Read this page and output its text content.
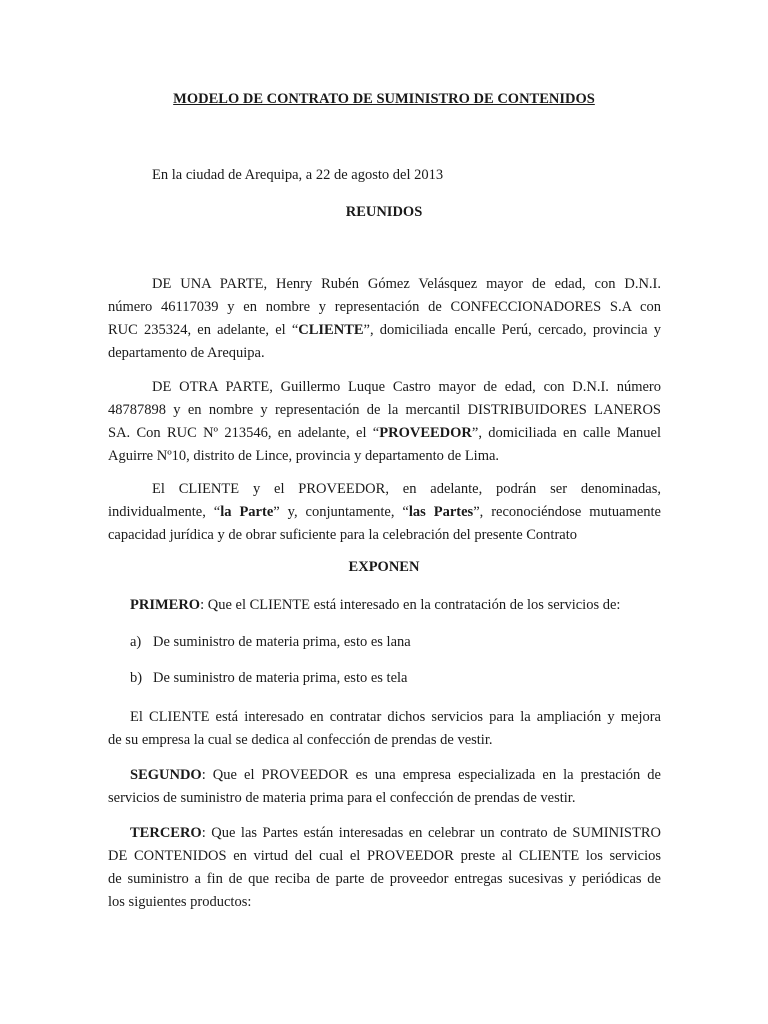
MODELO DE CONTRATO DE SUMINISTRO DE CONTENIDOS
En la ciudad de Arequipa, a 22 de agosto del 2013
REUNIDOS
DE UNA PARTE, Henry Rubén Gómez Velásquez mayor de edad, con D.N.I.
número 46117039 y en nombre y representación de CONFECCIONADORES S.A con
RUC 235324, en adelante, el “CLIENTE”, domiciliada encalle Perú, cercado, provincia y
departamento de Arequipa.
DE OTRA PARTE, Guillermo Luque Castro mayor de edad, con D.N.I. número
48787898 y en nombre y representación de la mercantil DISTRIBUIDORES LANEROS
SA. Con RUC Nº 213546, en adelante, el “PROVEEDOR”, domiciliada en calle Manuel
Aguirre Nº10, distrito de Lince, provincia y departamento de Lima.
El CLIENTE y el PROVEEDOR, en adelante, podrán ser denominadas,
individualmente, “la Parte” y, conjuntamente, “las Partes”, reconociéndose mutuamente
capacidad jurídica y de obrar suficiente para la celebración del presente Contrato
EXPONEN
PRIMERO: Que el CLIENTE está interesado en la contratación de los servicios de:
a) De suministro de materia prima, esto es lana
b) De suministro de materia prima, esto es tela
El CLIENTE está interesado en contratar dichos servicios para la ampliación y mejora
de su empresa la cual se dedica al confección de prendas de vestir.
SEGUNDO: Que el PROVEEDOR es una empresa especializada en la prestación de
servicios de suministro de materia prima para el confección de prendas de vestir.
TERCERO: Que las Partes están interesadas en celebrar un contrato de SUMINISTRO
DE CONTENIDOS en virtud del cual el PROVEEDOR preste al CLIENTE los servicios
de suministro a fin de que reciba de parte de proveedor entregas sucesivas y periódicas de
los siguientes productos:
